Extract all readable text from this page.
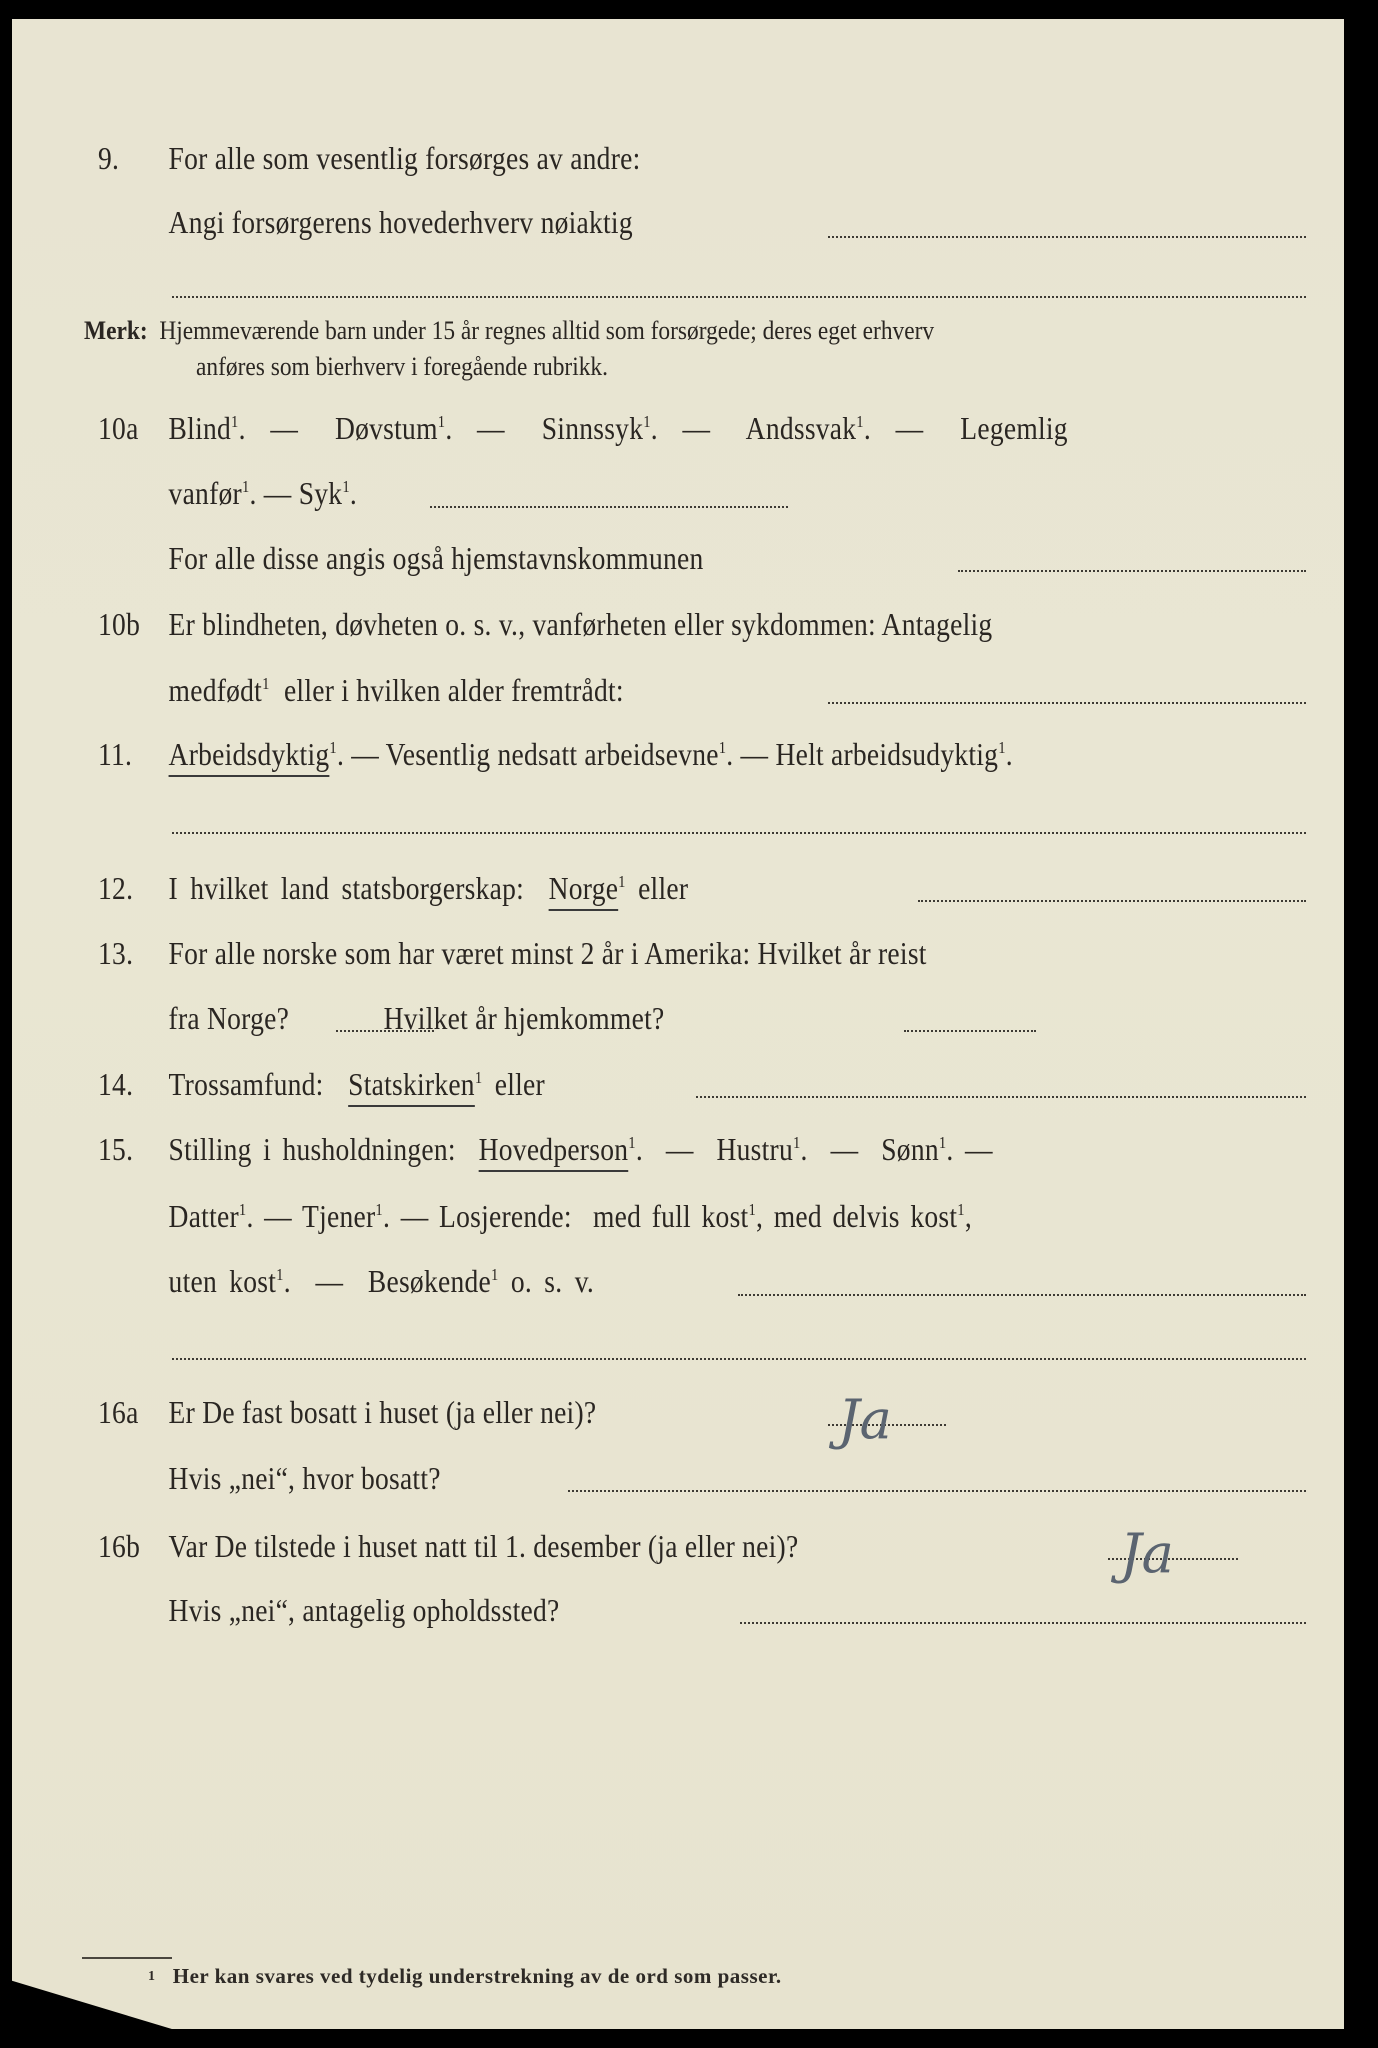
9.	For alle som vesentlig forsørges av andre:
Angi forsørgerens hovederhverv nøiaktig
Merk: Hjemmeværende barn under 15 år regnes alltid som forsørgede; deres eget erhverv
anføres som bierhverv i foregående rubrikk.
10a Blind$^1$.  —   Døvstum$^1$.  —   Sinnssyk$^1$.  —   Andssvak$^1$.  —   Legemlig
vanfør$^1$. — Syk$^1$.
For alle disse angis også hjemstavnskommunen
10b Er blindheten, døvheten o. s. v., vanførheten eller sykdommen: Antagelig
medfødt$^1$ eller i hvilken alder fremtrådt:
11.	Arbeidsdyktig$^1$. — Vesentlig nedsatt arbeidsevne$^1$. — Helt arbeidsudyktig$^1$.
12.	I hvilket land statsborgerskap: Norge$^1$ eller
13.	For alle norske som har været minst 2 år i Amerika: Hvilket år reist
fra Norge?	Hvilket år hjemkommet?
14.	Trossamfund: Statskirken$^1$ eller
15.	Stilling i husholdningen: Hovedperson$^1$.  —  Hustru$^1$.  —  Sønn$^1$. —
Datter$^1$. — Tjener$^1$. — Losjerende: med full kost$^1$, med delvis kost$^1$,
uten kost$^1$.  —  Besøkende$^1$ o. s. v.
16a Er De fast bosatt i huset (ja eller nei)?	Ja
Hvis „nei“, hvor bosatt?
16b Var De tilstede i huset natt til 1. desember (ja eller nei)?	Ja
Hvis „nei“, antagelig opholdssted?
1 Her kan svares ved tydelig understrekning av de ord som passer.
